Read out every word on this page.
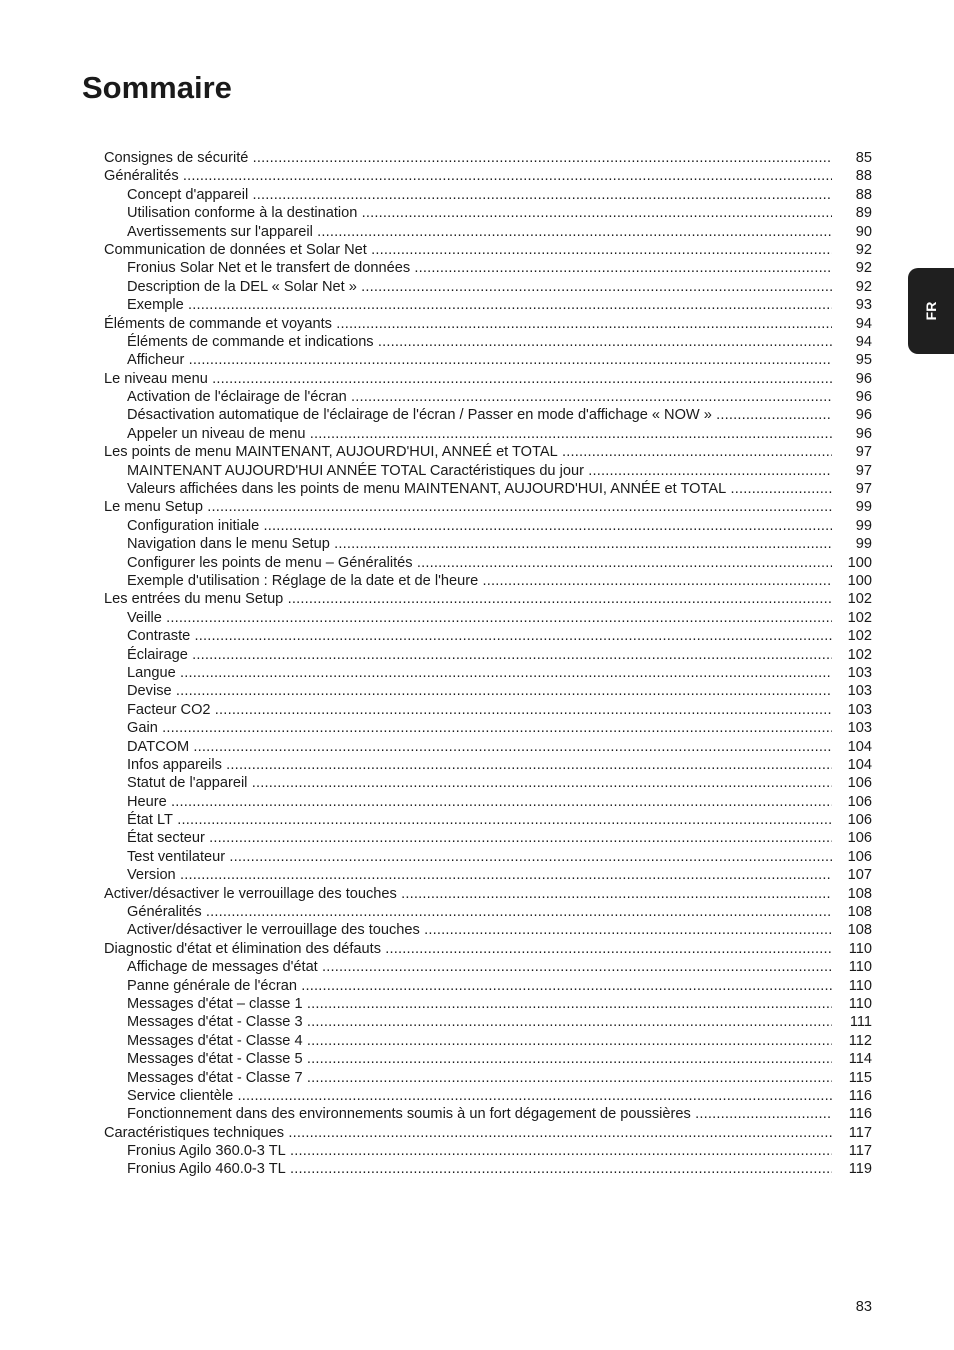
Sommaire
Consignes de sécurité .....	85
Généralités .....	88
Concept d'appareil .....	88
Utilisation conforme à la destination .....	89
Avertissements sur l'appareil .....	90
Communication de données et Solar Net .....	92
Fronius Solar Net et le transfert de données .....	92
Description de la DEL « Solar Net » .....	92
Exemple .....	93
Éléments de commande et voyants .....	94
Éléments de commande et indications .....	94
Afficheur .....	95
Le niveau menu .....	96
Activation de l'éclairage de l'écran .....	96
Désactivation automatique de l'éclairage de l'écran / Passer en mode d'affichage « NOW » .....	96
Appeler un niveau de menu .....	96
Les points de menu MAINTENANT, AUJOURD'HUI, ANNEÉ et TOTAL .....	97
MAINTENANT AUJOURD'HUI ANNÉE TOTAL Caractéristiques du jour .....	97
Valeurs affichées dans les points de menu MAINTENANT, AUJOURD'HUI, ANNÉE et TOTAL .....	97
Le menu Setup .....	99
Configuration initiale .....	99
Navigation dans le menu Setup .....	99
Configurer les points de menu – Généralités .....	100
Exemple d'utilisation : Réglage de la date et de l'heure .....	100
Les entrées du menu Setup .....	102
Veille .....	102
Contraste .....	102
Éclairage .....	102
Langue .....	103
Devise .....	103
Facteur CO2 .....	103
Gain .....	103
DATCOM .....	104
Infos appareils .....	104
Statut de l'appareil .....	106
Heure .....	106
État LT .....	106
État secteur .....	106
Test ventilateur .....	106
Version .....	107
Activer/désactiver le verrouillage des touches .....	108
Généralités .....	108
Activer/désactiver le verrouillage des touches .....	108
Diagnostic d'état et élimination des défauts .....	110
Affichage de messages d'état .....	110
Panne générale de l'écran .....	110
Messages d'état – classe 1 .....	110
Messages d'état - Classe 3 .....	111
Messages d'état - Classe 4 .....	112
Messages d'état - Classe 5 .....	114
Messages d'état - Classe 7 .....	115
Service clientèle .....	116
Fonctionnement dans des environnements soumis à un fort dégagement de poussières .....	116
Caractéristiques techniques .....	117
Fronius Agilo 360.0-3 TL .....	117
Fronius Agilo 460.0-3 TL .....	119
FR
83
